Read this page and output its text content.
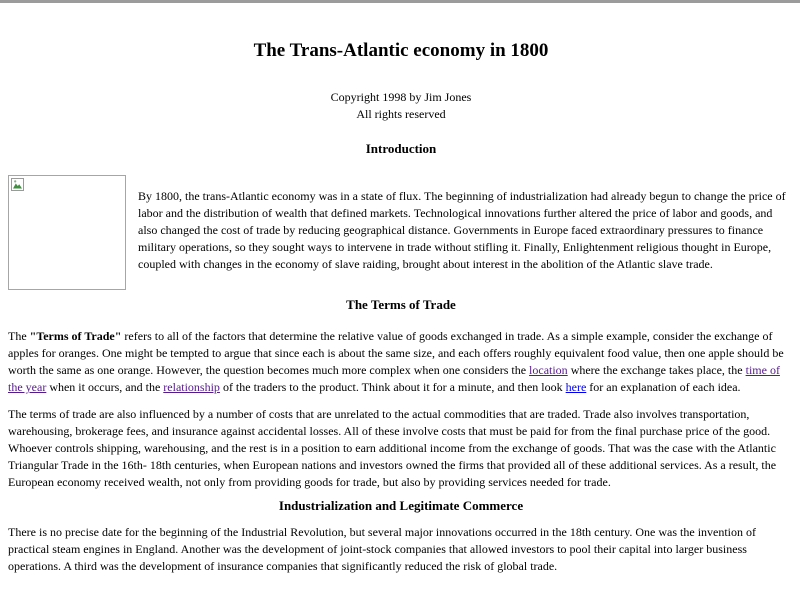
The Trans-Atlantic economy in 1800
Copyright 1998 by Jim Jones
All rights reserved
Introduction

By 1800, the trans-Atlantic economy was in a state of flux. The beginning of industrialization had already begun to change the price of labor and the distribution of wealth that defined markets. Technological innovations further altered the price of labor and goods, and also changed the cost of trade by reducing geographical distance. Governments in Europe faced extraordinary pressures to finance military operations, so they sought ways to intervene in trade without stifling it. Finally, Enlightenment religious thought in Europe, coupled with changes in the economy of slave raiding, brought about interest in the abolition of the Atlantic slave trade.

The Terms of Trade

The "Terms of Trade" refers to all of the factors that determine the relative value of goods exchanged in trade. As a simple example, consider the exchange of apples for oranges. One might be tempted to argue that since each is about the same size, and each offers roughly equivalent food value, then one apple should be worth the same as one orange. However, the question becomes much more complex when one considers the location where the exchange takes place, the time of the year when it occurs, and the relationship of the traders to the product. Think about it for a minute, and then look here for an explanation of each idea.

The terms of trade are also influenced by a number of costs that are unrelated to the actual commodities that are traded. Trade also involves transportation, warehousing, brokerage fees, and insurance against accidental losses. All of these involve costs that must be paid for from the final purchase price of the good. Whoever controls shipping, warehousing, and the rest is in a position to earn additional income from the exchange of goods. That was the case with the Atlantic Triangular Trade in the 16th- 18th centuries, when European nations and investors owned the firms that provided all of these additional services. As a result, the European economy received wealth, not only from providing goods for trade, but also by providing services needed for trade.

Industrialization and Legitimate Commerce

There is no precise date for the beginning of the Industrial Revolution, but several major innovations occurred in the 18th century. One was the invention of practical steam engines in England. Another was the development of joint-stock companies that allowed investors to pool their capital into larger business operations. A third was the development of insurance companies that significantly reduced the risk of global trade.
